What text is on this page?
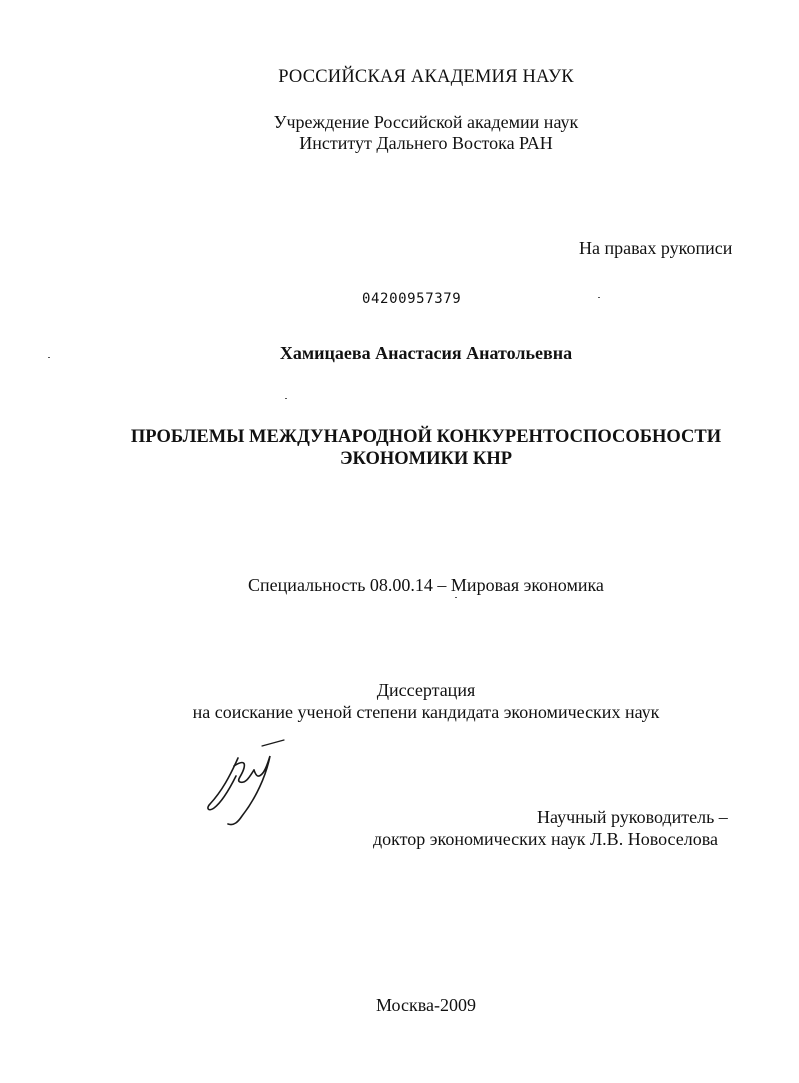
РОССИЙСКАЯ АКАДЕМИЯ НАУК
Учреждение Российской академии наук
Институт Дальнего Востока РАН
На правах рукописи
04200957379
Хамицаева Анастасия Анатольевна
ПРОБЛЕМЫ МЕЖДУНАРОДНОЙ КОНКУРЕНТОСПОСОБНОСТИ
ЭКОНОМИКИ КНР
Специальность 08.00.14 – Мировая экономика
Диссертация
на соискание ученой степени кандидата экономических наук
Научный руководитель –
доктор экономических наук Л.В. Новоселова
Москва-2009
